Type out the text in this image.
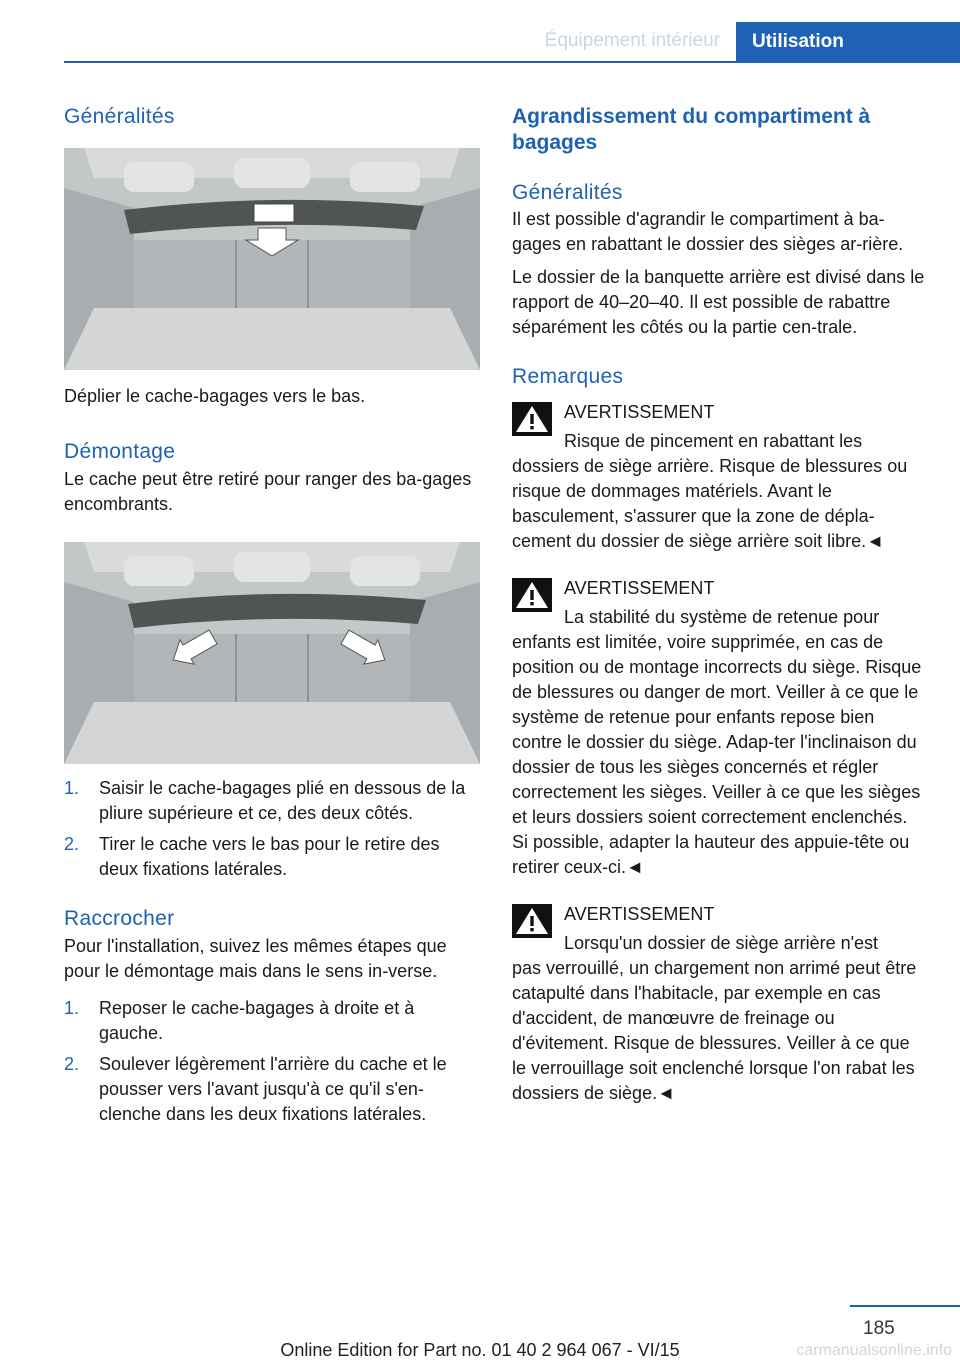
Équipement intérieur	Utilisation
Généralités

Déplier le cache-bagages vers le bas.

Démontage

Le cache peut être retiré pour ranger des ba-gages encombrants.

1. Saisir le cache-bagages plié en dessous de la pliure supérieure et ce, des deux côtés.
2. Tirer le cache vers le bas pour le retire des deux fixations latérales.
Raccrocher

Pour l'installation, suivez les mêmes étapes que pour le démontage mais dans le sens in-verse.

1. Reposer le cache-bagages à droite et à gauche.
2. Soulever légèrement l'arrière du cache et le pousser vers l'avant jusqu'à ce qu'il s'en-clenche dans les deux fixations latérales.
Agrandissement du compartiment à bagages
Généralités

Il est possible d'agrandir le compartiment à ba-gages en rabattant le dossier des sièges ar-rière.

Le dossier de la banquette arrière est divisé dans le rapport de 40–20–40. Il est possible de rabattre séparément les côtés ou la partie cen-trale.

Remarques
AVERTISSEMENT
Risque de pincement en rabattant les
dossiers de siège arrière. Risque de blessures ou risque de dommages matériels. Avant le basculement, s'assurer que la zone de dépla-cement du dossier de siège arrière soit libre.◄
AVERTISSEMENT
La stabilité du système de retenue pour
enfants est limitée, voire supprimée, en cas de position ou de montage incorrects du siège. Risque de blessures ou danger de mort. Veiller à ce que le système de retenue pour enfants repose bien contre le dossier du siège. Adap-ter l'inclinaison du dossier de tous les sièges concernés et régler correctement les sièges. Veiller à ce que les sièges et leurs dossiers soient correctement enclenchés. Si possible, adapter la hauteur des appuie-tête ou retirer ceux-ci.◄
AVERTISSEMENT
Lorsqu'un dossier de siège arrière n'est
pas verrouillé, un chargement non arrimé peut être catapulté dans l'habitacle, par exemple en cas d'accident, de manœuvre de freinage ou d'évitement. Risque de blessures. Veiller à ce que le verrouillage soit enclenché lorsque l'on rabat les dossiers de siège.◄
185
Online Edition for Part no. 01 40 2 964 067 - VI/15	carmanualsonline.info
